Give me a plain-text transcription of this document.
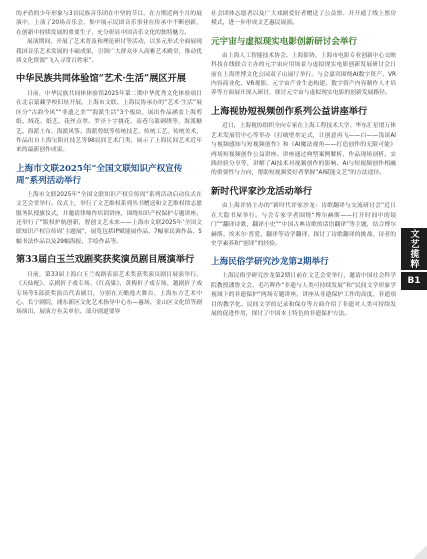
的矛盾的少年形象与3首民族音乐团在中坚的节目。在方期近两个月的展演中，上演了20场音乐会，集中展示民团音乐事业在传承中不断创新，在创新中持续发展的重要生子，充分彰显中国音乐文化的独特魅力。

展演期间，开展了艺术普及和理论研讨等活动，以多元形式全面展现我国音乐艺术发展的丰硕成果，引领广大群众步入高雅艺术殿堂，推动优质文化资源“飞入寻常百姓家”。

中华民族共同体验馆“艺术·生活”展区开展

日前，中华民族共同体体验馆2025年第二期中华优秀文化体验项目在北京蒙藏学校旧址开展。上海市文联、上海民协承办的“艺术·生活”展区分“古韵今风”“非遗之美”“海派生活”3个板块，展出作品涵盖上海剪纸、绒花、纸艺、花丝点翠、罗泾十字挑花、南巷乌篮刺绣等，海派糖艺、海派土布、海派风筝、海派剪纸等传统技艺、传统工艺、传统美术，作品出自上海宝阳社技艺等98民间艺术门类，展示了上海民间艺术近年来的最新创作成果。

上海市文联2025年“全国文联知识产权宣传周”系列活动举行

上海市文联2025年“全国文联知识产权宣传周”系列活动启动仪式在文艺会堂举行。仪式上，举行了文艺维权系列丛书赠送和文艺维权律志愿服务队授旗仪式，并邀请律师作培训讲座，围绕知识产权保护专题讲座。还举行了“版权护航创新，智创文艺未来——上海市文联2025年‘全国文联知识产权宣传周’主题展”，展览包括IP赋能展作品、7幅家民调作品、5幅书法作品以及29幅海报、手绘作品等。

第33届白玉兰戏剧奖获奖演员剧目展演举行

日前，第33届上海白玉兰戏剧表演艺术奖获奖演员剧目展演举行。《天仙配》、京剧折子戏专场、《红高粱》、黄梅折子戏专场、越剧折子戏专场等5部获奖演员代表剧目，分别在天蟾逸夫舞台、上海东方艺术中心、长宁剧院，浦东新区文化艺术指导中心东—惠场、金山区文化馆等剧场演出，展演方有关单位、部分剧道要界

社会团体志愿者以及广大戏剧爱好者赠送了公益票。并开通了线上票房模式，进一步形成文艺惠民展演。

元宇宙与虚拟现实电影创新研讨会举行

由上海人工智能技术协会、上海影协、上海市电影专业创新中心交映科技在线联合主办的元宇宙应用场景与虚拟现实电影创新发展研讨会日前在上海世博文化公园双子山展厅举行。与会嘉宾围绕AI数字资产、VR内容商业化、VR观影、元宇宙产业生态构建、数字资产内容制作人才培养等方面展开深入研讨，探讨元宇宙与虚拟现实电影的创新发展路径。

上海视协短视频创作系列公益讲座举行

近日，上海视协组织全向专家在上海工程技术大学、华东汇星谱万体艺术发展管中心等举办《打破壁垒定式，让创意再飞——白——浅谈AI与视频感知与短视频创作》和《AI魔法视角——打造创作的无限可能》两场短视频创作公益讲座。讲座通过典型案例解析、作品现场剖析、实践经验分享等，讲解了AI技术对视频创作的影响、AI与短视频创作相融的重要性与方向，帮助短视频爱好者掌握“AI赋能文艺”的方法途径。

新时代评家沙龙活动举行

由上海评协主办的“新时代评家沙龙：诗歌翻译与交流研讨会”近日在大隐书屋举行。与会专家学者围绕“博尔赫斯——打开时间中的镜门”“翻译诗歌，翻译小史”“中国古典诗歌的话语翻译”等主题，结合博尔赫斯、埃米尔·普爱、翻译等诗学翻译，探讨了诗歌翻译的挑战、诗者的史学素养和“创译”的经验。

上海民俗学研究沙龙第2期举行

上海民俗学研究沙龙第2期日前在文艺会堂举行，邀请中国社会科学院教授潘鲁文会、毛巧晖作“非遗与人类可持续发展”和“民间文学形象学视域下的非遗保护”两场专题讲座。讲座从非遗保护工作的高度、非遗项目的教学化、民间文学的记录和保存等方面介绍了非遗对人类可持续发展的促进作用，探讨了中国本土特色的非遗保护方法。

文艺揽粹
B1
